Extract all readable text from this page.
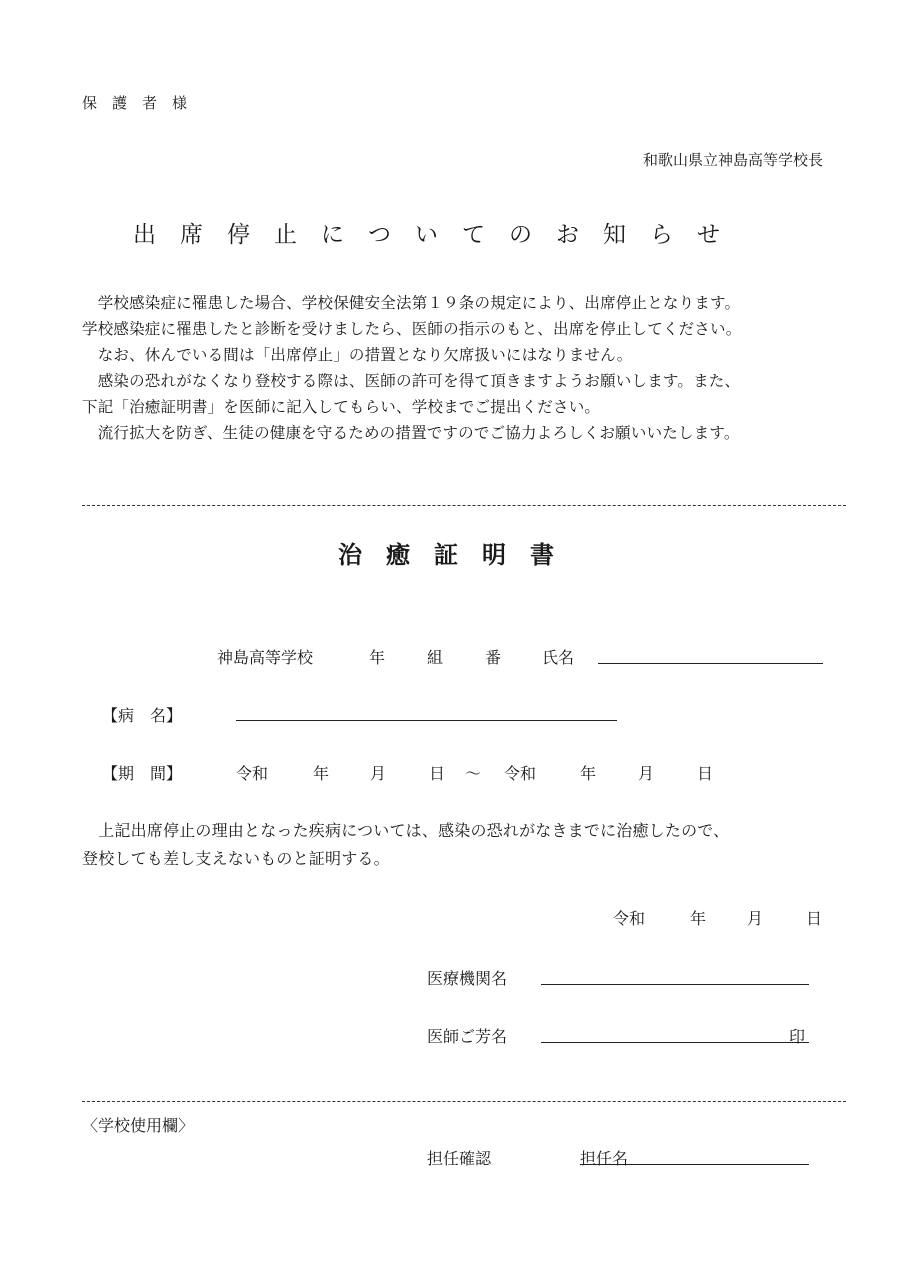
保　護　者　様
和歌山県立神島高等学校長
出　席　停　止　に　つ　い　て　の　お　知　ら　せ
　学校感染症に罹患した場合、学校保健安全法第１９条の規定により、出席停止となります。
学校感染症に罹患したと診断を受けましたら、医師の指示のもと、出席を停止してください。
　なお、休んでいる間は「出席停止」の措置となり欠席扱いにはなりません。
　感染の恐れがなくなり登校する際は、医師の許可を得て頂きますようお願いします。また、
下記「治癒証明書」を医師に記入してもらい、学校までご提出ください。
　流行拡大を防ぎ、生徒の健康を守るための措置ですのでご協力よろしくお願いいたします。
治　癒　証　明　書
神島高等学校	年	組	番	氏名
【病　名】
【期　間】	令和	年	月	日 ～ 令和	年	月	日
　上記出席停止の理由となった疾病については、感染の恐れがなきまでに治癒したので、
登校しても差し支えないものと証明する。
令和	年	月	日
医療機関名
医師ご芳名	印
〈学校使用欄〉
担任確認	担任名
